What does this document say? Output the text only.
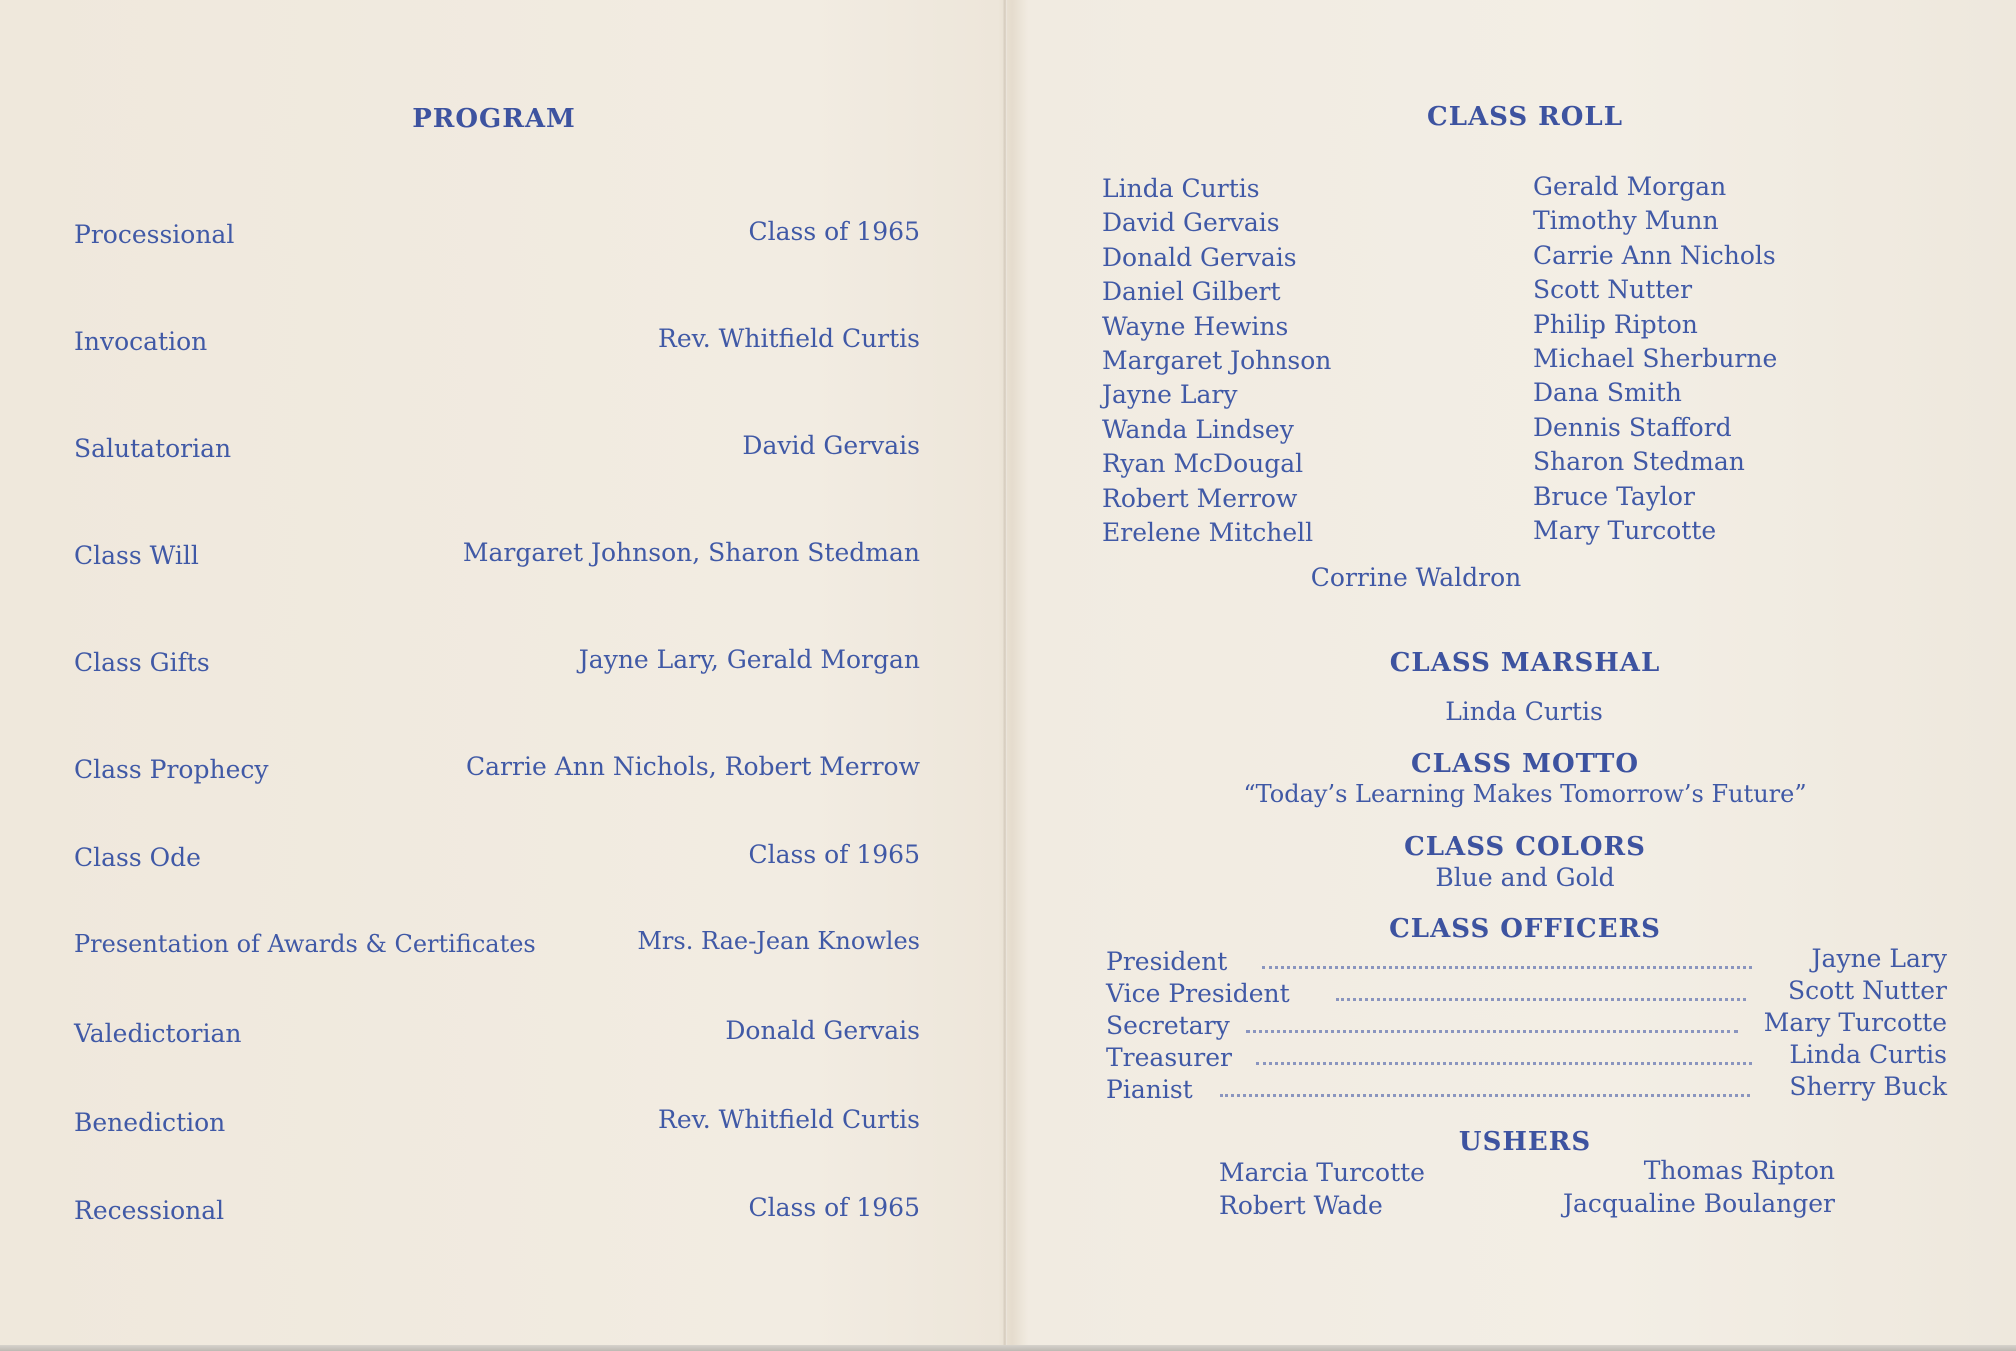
PROGRAM
Processional	Class of 1965
Invocation	Rev. Whitfield Curtis
Salutatorian	David Gervais
Class Will	Margaret Johnson, Sharon Stedman
Class Gifts	Jayne Lary, Gerald Morgan
Class Prophecy	Carrie Ann Nichols, Robert Merrow
Class Ode	Class of 1965
Presentation of Awards & Certificates	Mrs. Rae-Jean Knowles
Valedictorian	Donald Gervais
Benediction	Rev. Whitfield Curtis
Recessional	Class of 1965
CLASS ROLL
Linda Curtis
David Gervais
Donald Gervais
Daniel Gilbert
Wayne Hewins
Margaret Johnson
Jayne Lary
Wanda Lindsey
Ryan McDougal
Robert Merrow
Erelene Mitchell
Gerald Morgan
Timothy Munn
Carrie Ann Nichols
Scott Nutter
Philip Ripton
Michael Sherburne
Dana Smith
Dennis Stafford
Sharon Stedman
Bruce Taylor
Mary Turcotte
Corrine Waldron
CLASS MARSHAL
Linda Curtis
CLASS MOTTO
“Today’s Learning Makes Tomorrow’s Future”
CLASS COLORS
Blue and Gold
CLASS OFFICERS
President	Jayne Lary
Vice President	Scott Nutter
Secretary	Mary Turcotte
Treasurer	Linda Curtis
Pianist	Sherry Buck
USHERS
Marcia Turcotte	Thomas Ripton
Robert Wade	Jacqualine Boulanger
